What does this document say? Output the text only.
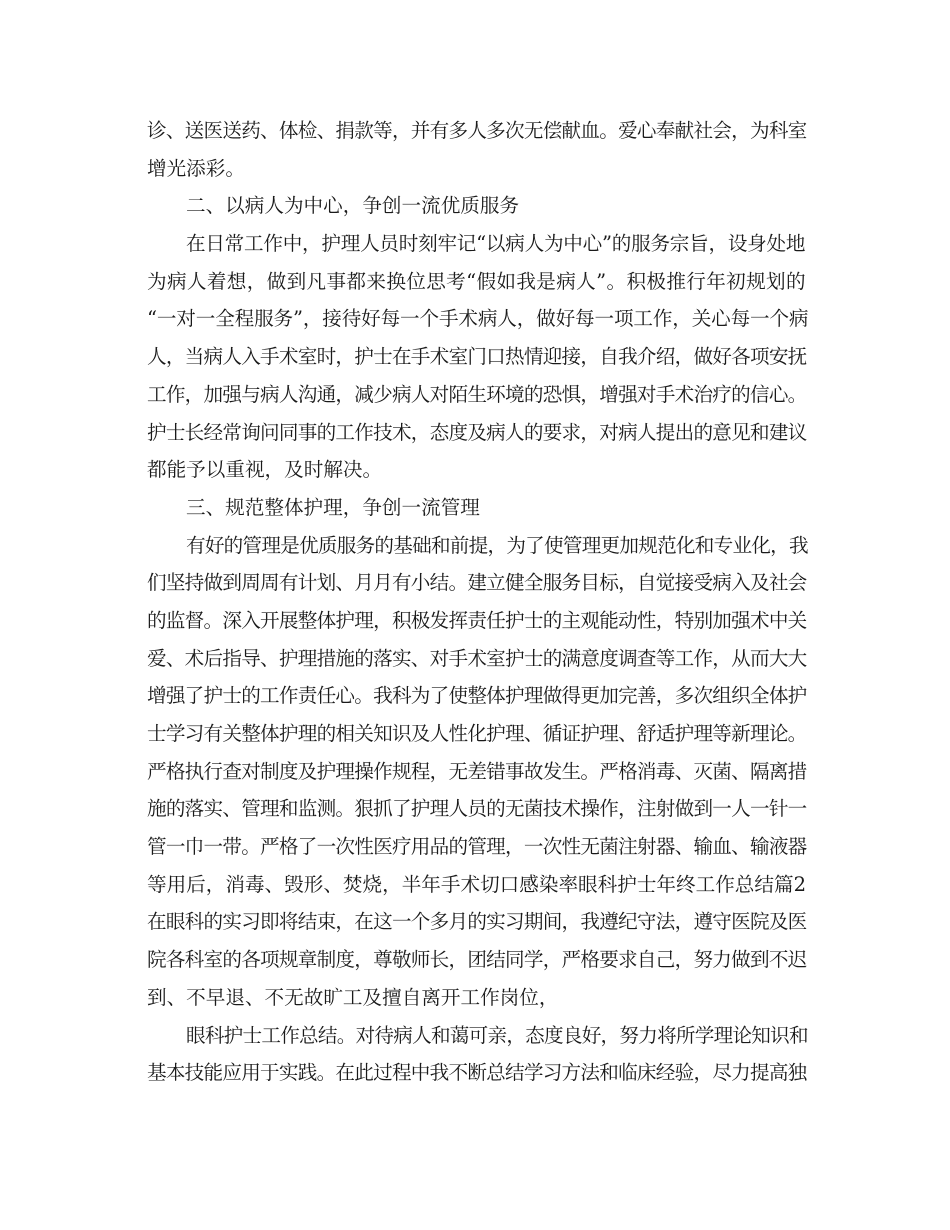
诊、送医送药、体检、捐款等，并有多人多次无偿献血。爱心奉献社会，为科室
增光添彩。
二、以病人为中心，争创一流优质服务
在日常工作中，护理人员时刻牢记“以病人为中心”的服务宗旨，设身处地
为病人着想，做到凡事都来换位思考“假如我是病人”。积极推行年初规划的
“一对一全程服务”，接待好每一个手术病人，做好每一项工作，关心每一个病
人，当病人入手术室时，护士在手术室门口热情迎接，自我介绍，做好各项安抚
工作，加强与病人沟通，减少病人对陌生环境的恐惧，增强对手术治疗的信心。
护士长经常询问同事的工作技术，态度及病人的要求，对病人提出的意见和建议
都能予以重视，及时解决。
三、规范整体护理，争创一流管理
有好的管理是优质服务的基础和前提，为了使管理更加规范化和专业化，我
们坚持做到周周有计划、月月有小结。建立健全服务目标，自觉接受病入及社会
的监督。深入开展整体护理，积极发挥责任护士的主观能动性，特别加强术中关
爱、术后指导、护理措施的落实、对手术室护士的满意度调查等工作，从而大大
增强了护士的工作责任心。我科为了使整体护理做得更加完善，多次组织全体护
士学习有关整体护理的相关知识及人性化护理、循证护理、舒适护理等新理论。
严格执行查对制度及护理操作规程，无差错事故发生。严格消毒、灭菌、隔离措
施的落实、管理和监测。狠抓了护理人员的无菌技术操作，注射做到一人一针一
管一巾一带。严格了一次性医疗用品的管理，一次性无菌注射器、输血、输液器
等用后，消毒、毁形、焚烧，半年手术切口感染率眼科护士年终工作总结篇2
在眼科的实习即将结束，在这一个多月的实习期间，我遵纪守法，遵守医院及医
院各科室的各项规章制度，尊敬师长，团结同学，严格要求自己，努力做到不迟
到、不早退、不无故旷工及擅自离开工作岗位，
眼科护士工作总结。对待病人和蔼可亲，态度良好，努力将所学理论知识和
基本技能应用于实践。在此过程中我不断总结学习方法和临床经验，尽力提高独
